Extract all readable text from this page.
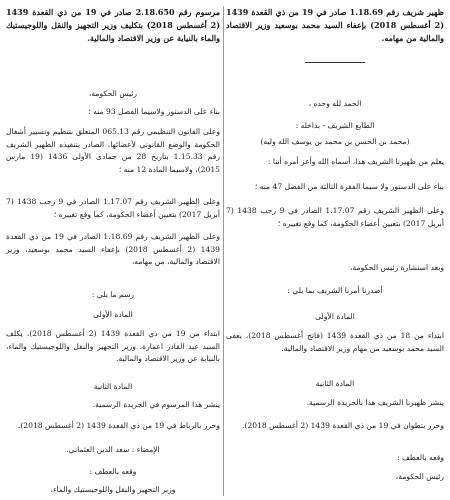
ظهير شريف رقم 1.18.69 صادر في 19 من ذي القعدة 1439 (2 أغسطس 2018) بإعفاء السيد محمد بوسعيد وزير الاقتصاد والمالية من مهامه.

الحمد لله وحده ،

الطابع الشريف - بداخله :

(محمد بن الحسن بن محمد بن يوسف الله وليه)

يعلم من ظهيرنا الشريف هذا، أسماه الله وأعز أمره أننا :

بناء على الدستور ولا سيما الفقرة الثالثة من الفصل 47 منه ؛

وعلى الظهير الشريف رقم 1.17.07 الصادر في 9 رجب 1438 (7 أبريل 2017) بتعيين أعضاء الحكومة، كما وقع تغييره ؛

وبعد استشارة رئيس الحكومة،

أصدرنا أمرنا الشريف بما يلي :

المادة الأولى

ابتداء من 18 من ذي القعدة 1439 (فاتح أغسطس 2018)، يعفى السيد محمد بوسعيد من مهام وزير الاقتصاد والمالية.

المادة الثانية

ينشر ظهيرنا الشريف هذا بالجريدة الرسمية.

وحرر بتطوان في 19 من ذي القعدة 1439 (2 أغسطس 2018).

وقعه بالعطف :

رئيس الحكومة،

مرسوم رقم 2.18.650 صادر في 19 من ذي القعدة 1439 (2 أغسطس 2018) بتكليف وزير التجهيز والنقل واللوجيستيك والماء بالنيابة عن وزير الاقتصاد والمالية.

رئيس الحكومة،

بناء على الدستور ولاسيما الفصل 93 منه ؛

وعلى القانون التنظيمي رقم 065.13 المتعلق بتنظيم وتسيير أشغال الحكومة والوضع القانوني لأعضائها، الصادر بتنفيذه الظهير الشريف رقم 1.15.33 بتاريخ 28 من جمادى الأولى 1436 (19 مارس 2015)، ولاسيما المادة 12 منه ؛

وعلى الظهير الشريف رقم 1.17.07 الصادر في 9 رجب 1438 (7 أبريل 2017) بتعيين أعضاء الحكومة، كما وقع تغييره ؛

وعلى الظهير الشريف رقم 1.18.69 الصادر في 19 من ذي القعدة 1439 (2 أغسطس 2018) بإعفاء السيد محمد بوسعيد، وزير الاقتصاد والمالية، من مهامه،

رسم ما يلي :

المادة الأولى

ابتداء من 19 من ذي القعدة 1439 (2 أغسطس 2018)، يكلف السيد عبد القادر اعمارة، وزير التجهيز والنقل واللوجيستيك والماء، بالنيابة عن وزير الاقتصاد والمالية.

المادة الثانية

ينشر هذا المرسوم في الجريدة الرسمية.

وحرر بالرباط في 19 من ذي القعدة 1439 (2 أغسطس 2018).

الإمضاء : سعد الدين العثماني.

وقعه بالعطف :

وزير التجهيز والنقل واللوجيستيك والماء،
